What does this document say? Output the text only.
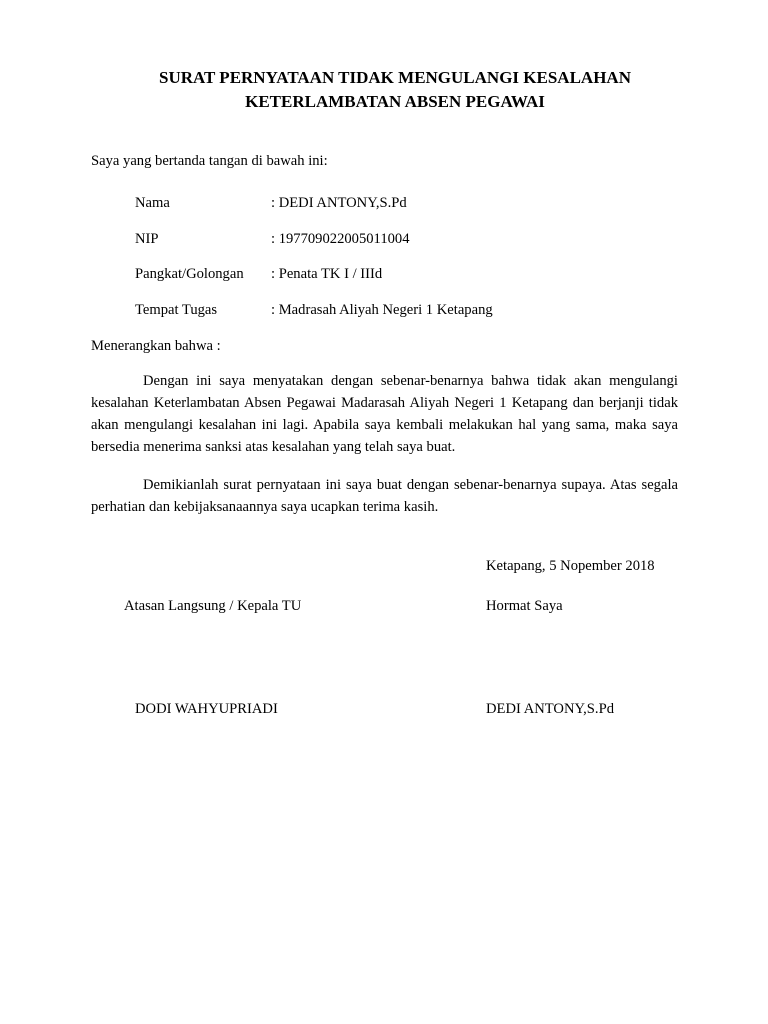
SURAT PERNYATAAN TIDAK MENGULANGI KESALAHAN
KETERLAMBATAN ABSEN PEGAWAI
Saya yang bertanda tangan di bawah ini:
Nama	: DEDI ANTONY,S.Pd
NIP	: 197709022005011004
Pangkat/Golongan : Penata TK I / IIId
Tempat Tugas	: Madrasah Aliyah Negeri 1 Ketapang
Menerangkan bahwa :
Dengan ini saya menyatakan dengan sebenar-benarnya bahwa tidak akan mengulangi kesalahan Keterlambatan Absen Pegawai Madarasah Aliyah Negeri 1 Ketapang dan berjanji tidak akan mengulangi kesalahan ini lagi. Apabila saya kembali melakukan hal yang sama, maka saya bersedia menerima sanksi atas kesalahan yang telah saya buat.
Demikianlah surat pernyataan ini saya buat dengan sebenar-benarnya supaya. Atas segala perhatian dan kebijaksanaannya saya ucapkan terima kasih.
Ketapang, 5 Nopember 2018
Atasan Langsung / Kepala TU	Hormat Saya
DODI WAHYUPRIADI	DEDI ANTONY,S.Pd
